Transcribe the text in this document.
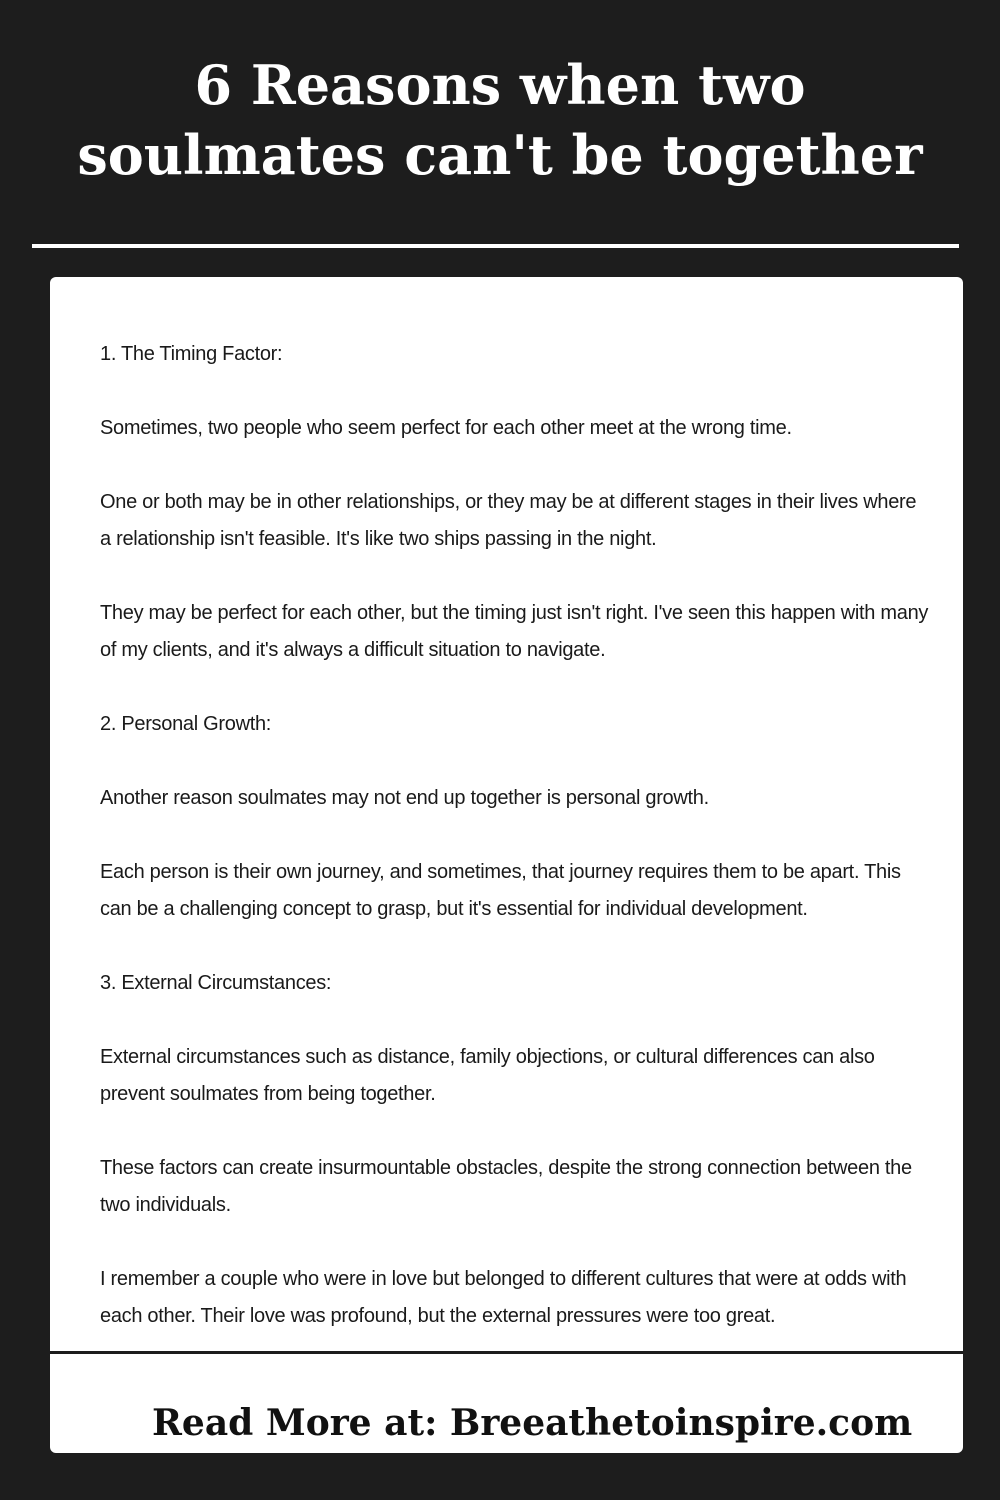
6 Reasons when two
soulmates can't be together

1. The Timing Factor:

Sometimes, two people who seem perfect for each other meet at the wrong time.

One or both may be in other relationships, or they may be at different stages in their lives where a relationship isn't feasible. It's like two ships passing in the night.

They may be perfect for each other, but the timing just isn't right. I've seen this happen with many of my clients, and it's always a difficult situation to navigate.

2. Personal Growth:

Another reason soulmates may not end up together is personal growth.

Each person is their own journey, and sometimes, that journey requires them to be apart. This can be a challenging concept to grasp, but it's essential for individual development.

3. External Circumstances:

External circumstances such as distance, family objections, or cultural differences can also prevent soulmates from being together.

These factors can create insurmountable obstacles, despite the strong connection between the two individuals.

I remember a couple who were in love but belonged to different cultures that were at odds with each other. Their love was profound, but the external pressures were too great.

Read More at: Breeathetoinspire.com
